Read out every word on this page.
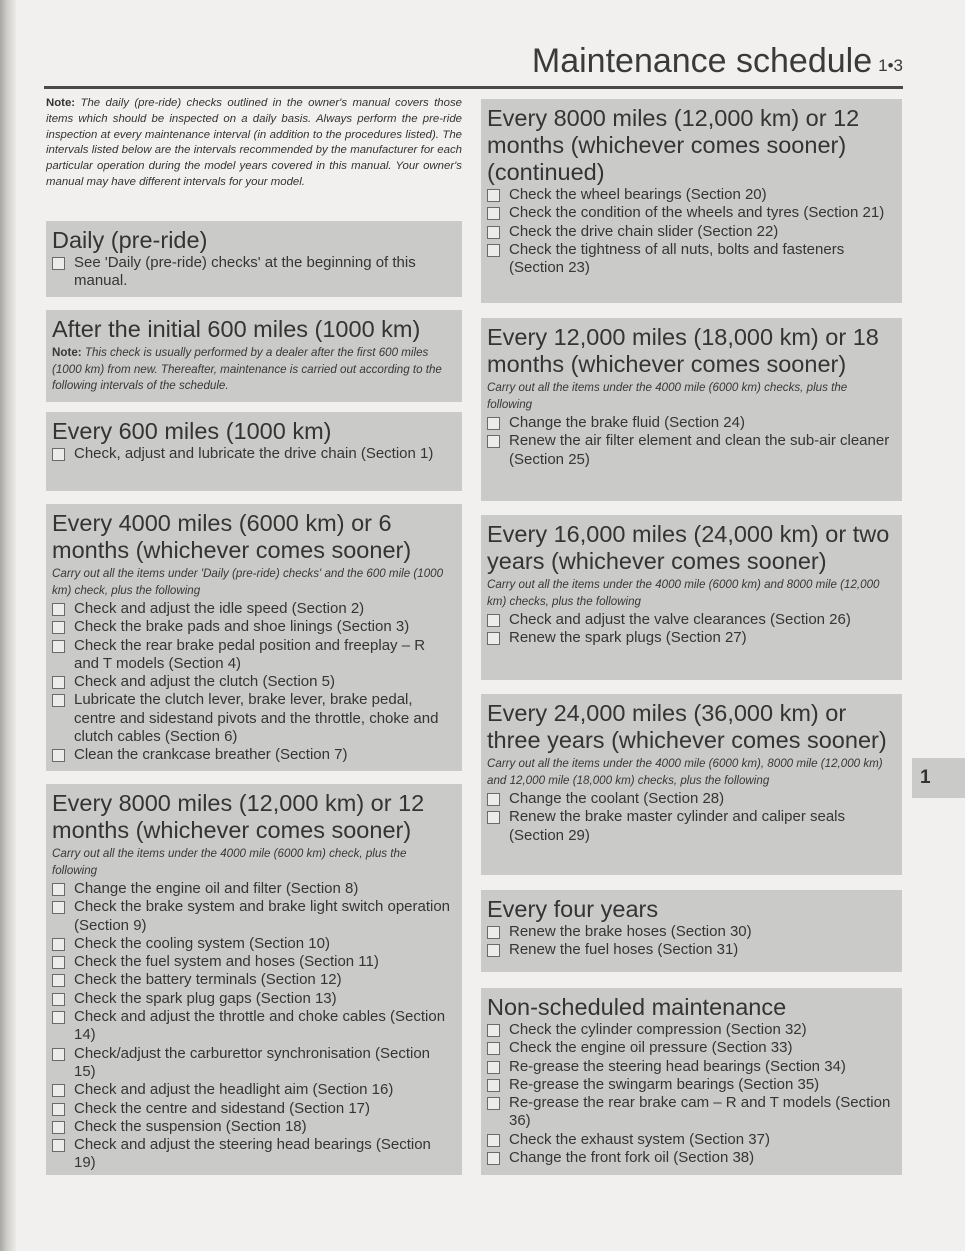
Maintenance schedule 1•3
Note: The daily (pre-ride) checks outlined in the owner's manual covers those items which should be inspected on a daily basis. Always perform the pre-ride inspection at every maintenance interval (in addition to the procedures listed). The intervals listed below are the intervals recommended by the manufacturer for each particular operation during the model years covered in this manual. Your owner's manual may have different intervals for your model.
1
Daily (pre-ride)
See 'Daily (pre-ride) checks' at the beginning of this manual.
After the initial 600 miles (1000 km)
Note: This check is usually performed by a dealer after the first 600 miles (1000 km) from new. Thereafter, maintenance is carried out according to the following intervals of the schedule.
Every 600 miles (1000 km)
Check, adjust and lubricate the drive chain (Section 1)
Every 4000 miles (6000 km) or 6 months (whichever comes sooner)
Carry out all the items under 'Daily (pre-ride) checks' and the 600 mile (1000 km) check, plus the following
Check and adjust the idle speed (Section 2)
Check the brake pads and shoe linings (Section 3)
Check the rear brake pedal position and freeplay – R and T models (Section 4)
Check and adjust the clutch (Section 5)
Lubricate the clutch lever, brake lever, brake pedal, centre and sidestand pivots and the throttle, choke and clutch cables (Section 6)
Clean the crankcase breather (Section 7)
Every 8000 miles (12,000 km) or 12 months (whichever comes sooner)
Carry out all the items under the 4000 mile (6000 km) check, plus the following
Change the engine oil and filter (Section 8)
Check the brake system and brake light switch operation (Section 9)
Check the cooling system (Section 10)
Check the fuel system and hoses (Section 11)
Check the battery terminals (Section 12)
Check the spark plug gaps (Section 13)
Check and adjust the throttle and choke cables (Section 14)
Check/adjust the carburettor synchronisation (Section 15)
Check and adjust the headlight aim (Section 16)
Check the centre and sidestand (Section 17)
Check the suspension (Section 18)
Check and adjust the steering head bearings (Section 19)
Every 8000 miles (12,000 km) or 12 months (whichever comes sooner) (continued)
Check the wheel bearings (Section 20)
Check the condition of the wheels and tyres (Section 21)
Check the drive chain slider (Section 22)
Check the tightness of all nuts, bolts and fasteners (Section 23)
Every 12,000 miles (18,000 km) or 18 months (whichever comes sooner)
Carry out all the items under the 4000 mile (6000 km) checks, plus the following
Change the brake fluid (Section 24)
Renew the air filter element and clean the sub-air cleaner (Section 25)
Every 16,000 miles (24,000 km) or two years (whichever comes sooner)
Carry out all the items under the 4000 mile (6000 km) and 8000 mile (12,000 km) checks, plus the following
Check and adjust the valve clearances (Section 26)
Renew the spark plugs (Section 27)
Every 24,000 miles (36,000 km) or three years (whichever comes sooner)
Carry out all the items under the 4000 mile (6000 km), 8000 mile (12,000 km) and 12,000 mile (18,000 km) checks, plus the following
Change the coolant (Section 28)
Renew the brake master cylinder and caliper seals (Section 29)
Every four years
Renew the brake hoses (Section 30)
Renew the fuel hoses (Section 31)
Non-scheduled maintenance
Check the cylinder compression (Section 32)
Check the engine oil pressure (Section 33)
Re-grease the steering head bearings (Section 34)
Re-grease the swingarm bearings (Section 35)
Re-grease the rear brake cam – R and T models (Section 36)
Check the exhaust system (Section 37)
Change the front fork oil (Section 38)
